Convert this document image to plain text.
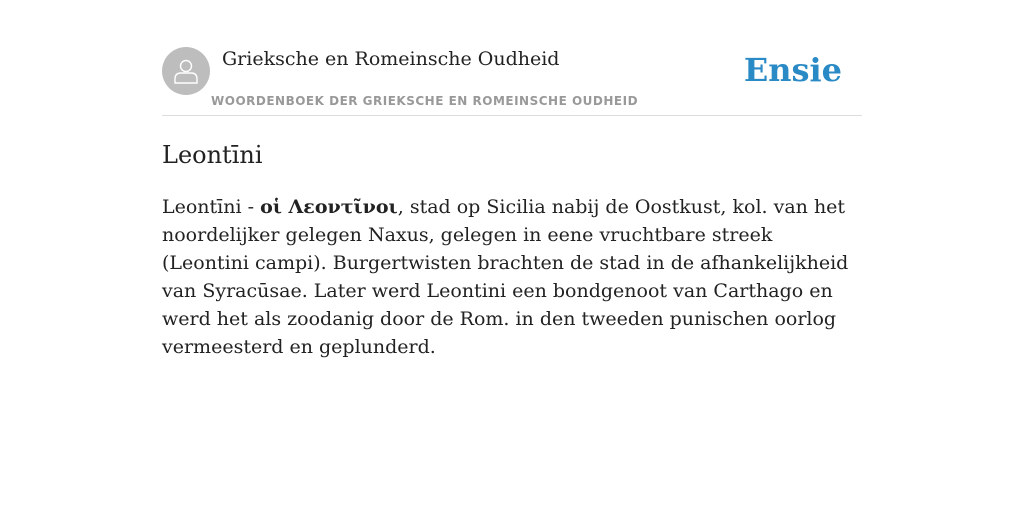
Grieksche en Romeinsche Oudheid
WOORDENBOEK DER GRIEKSCHE EN ROMEINSCHE OUDHEID
Ensie
Leontīni

Leontīni - οἱ Λεοντῖνοι, stad op Sicilia nabij de Oostkust, kol. van het noordelijker gelegen Naxus, gelegen in eene vruchtbare streek (Leontini campi). Burgertwisten brachten de stad in de afhankelijkheid van Syracūsae. Later werd Leontini een bondgenoot van Carthago en werd het als zoodanig door de Rom. in den tweeden punischen oorlog vermeesterd en geplunderd.
